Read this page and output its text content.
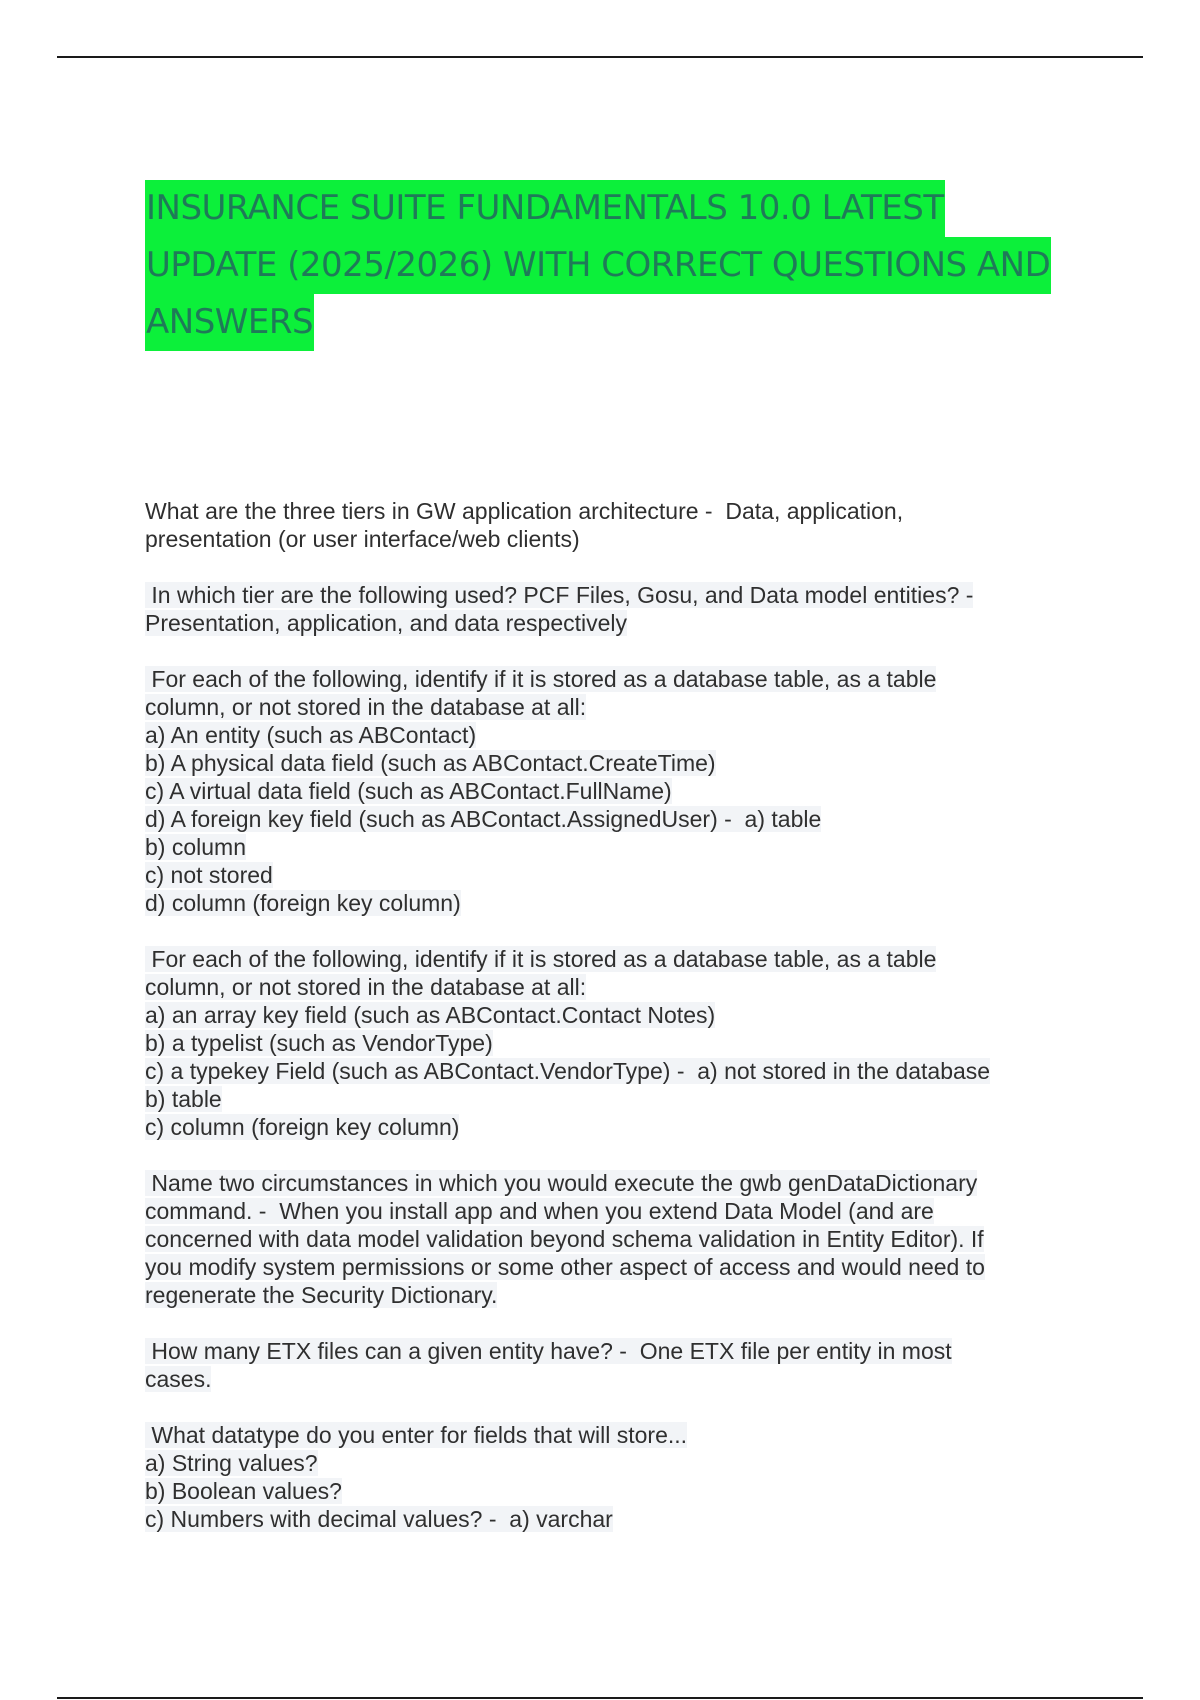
INSURANCE SUITE FUNDAMENTALS 10.0 LATEST
UPDATE (2025/2026) WITH CORRECT QUESTIONS AND
ANSWERS
What are the three tiers in GW application architecture -  Data, application,
presentation (or user interface/web clients)
In which tier are the following used? PCF Files, Gosu, and Data model entities? -
Presentation, application, and data respectively
For each of the following, identify if it is stored as a database table, as a table
column, or not stored in the database at all:
a) An entity (such as ABContact)
b) A physical data field (such as ABContact.CreateTime)
c) A virtual data field (such as ABContact.FullName)
d) A foreign key field (such as ABContact.AssignedUser) -  a) table
b) column
c) not stored
d) column (foreign key column)
For each of the following, identify if it is stored as a database table, as a table
column, or not stored in the database at all:
a) an array key field (such as ABContact.Contact Notes)
b) a typelist (such as VendorType)
c) a typekey Field (such as ABContact.VendorType) -  a) not stored in the database
b) table
c) column (foreign key column)
Name two circumstances in which you would execute the gwb genDataDictionary
command. -  When you install app and when you extend Data Model (and are
concerned with data model validation beyond schema validation in Entity Editor). If
you modify system permissions or some other aspect of access and would need to
regenerate the Security Dictionary.
How many ETX files can a given entity have? -  One ETX file per entity in most
cases.
What datatype do you enter for fields that will store...
a) String values?
b) Boolean values?
c) Numbers with decimal values? -  a) varchar
